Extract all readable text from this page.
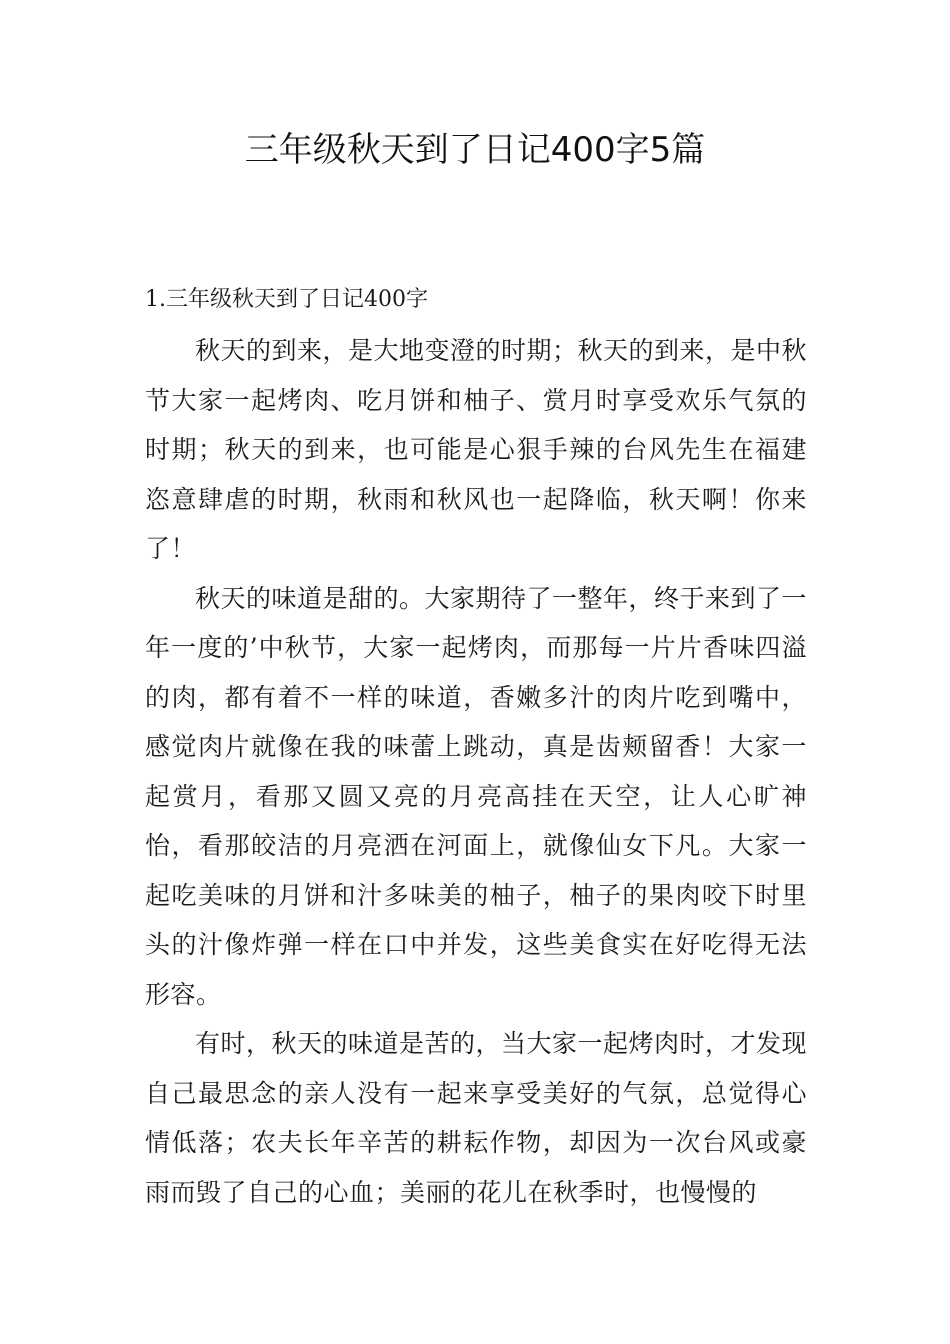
三年级秋天到了日记400字5篇
1.三年级秋天到了日记400字

秋天的到来，是大地变澄的时期；秋天的到来，是中秋节大家一起烤肉、吃月饼和柚子、赏月时享受欢乐气氛的时期；秋天的到来，也可能是心狠手辣的台风先生在福建恣意肆虐的时期，秋雨和秋风也一起降临，秋天啊！你来了！

秋天的味道是甜的。大家期待了一整年，终于来到了一年一度的’中秋节，大家一起烤肉，而那每一片片香味四溢的肉，都有着不一样的味道，香嫩多汁的肉片吃到嘴中，感觉肉片就像在我的味蕾上跳动，真是齿颊留香！大家一起赏月，看那又圆又亮的月亮高挂在天空，让人心旷神怡，看那皎洁的月亮洒在河面上，就像仙女下凡。大家一起吃美味的月饼和汁多味美的柚子，柚子的果肉咬下时里头的汁像炸弹一样在口中并发，这些美食实在好吃得无法形容。

有时，秋天的味道是苦的，当大家一起烤肉时，才发现自己最思念的亲人没有一起来享受美好的气氛，总觉得心情低落；农夫长年辛苦的耕耘作物，却因为一次台风或豪雨而毁了自己的心血；美丽的花儿在秋季时，也慢慢的
